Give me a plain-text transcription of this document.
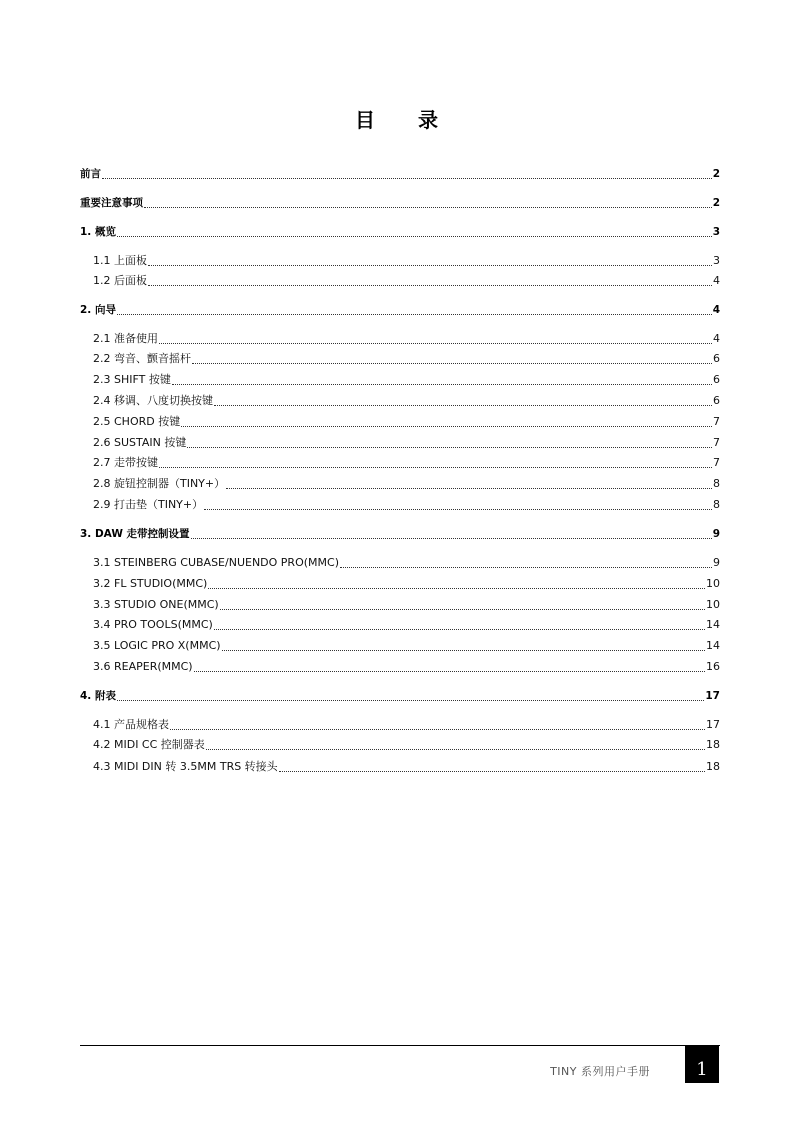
目 录
前言	2
重要注意事项	2
1. 概览	3
1.1 上面板	3
1.2 后面板	4
2. 向导	4
2.1 准备使用	4
2.2 弯音、颤音摇杆	6
2.3 SHIFT 按键	6
2.4 移调、八度切换按键	6
2.5 CHORD 按键	7
2.6 SUSTAIN 按键	7
2.7 走带按键	7
2.8 旋钮控制器（TINY+）	8
2.9 打击垫（TINY+）	8
3. DAW 走带控制设置	9
3.1 STEINBERG CUBASE/NUENDO PRO(MMC)	9
3.2 FL STUDIO(MMC)	10
3.3 STUDIO ONE(MMC)	10
3.4 PRO TOOLS(MMC)	14
3.5 LOGIC PRO X(MMC)	14
3.6 REAPER(MMC)	16
4. 附表	17
4.1 产品规格表	17
4.2 MIDI CC 控制器表	18
4.3 MIDI DIN 转 3.5MM TRS 转接头	18
TINY 系列用户手册	1
